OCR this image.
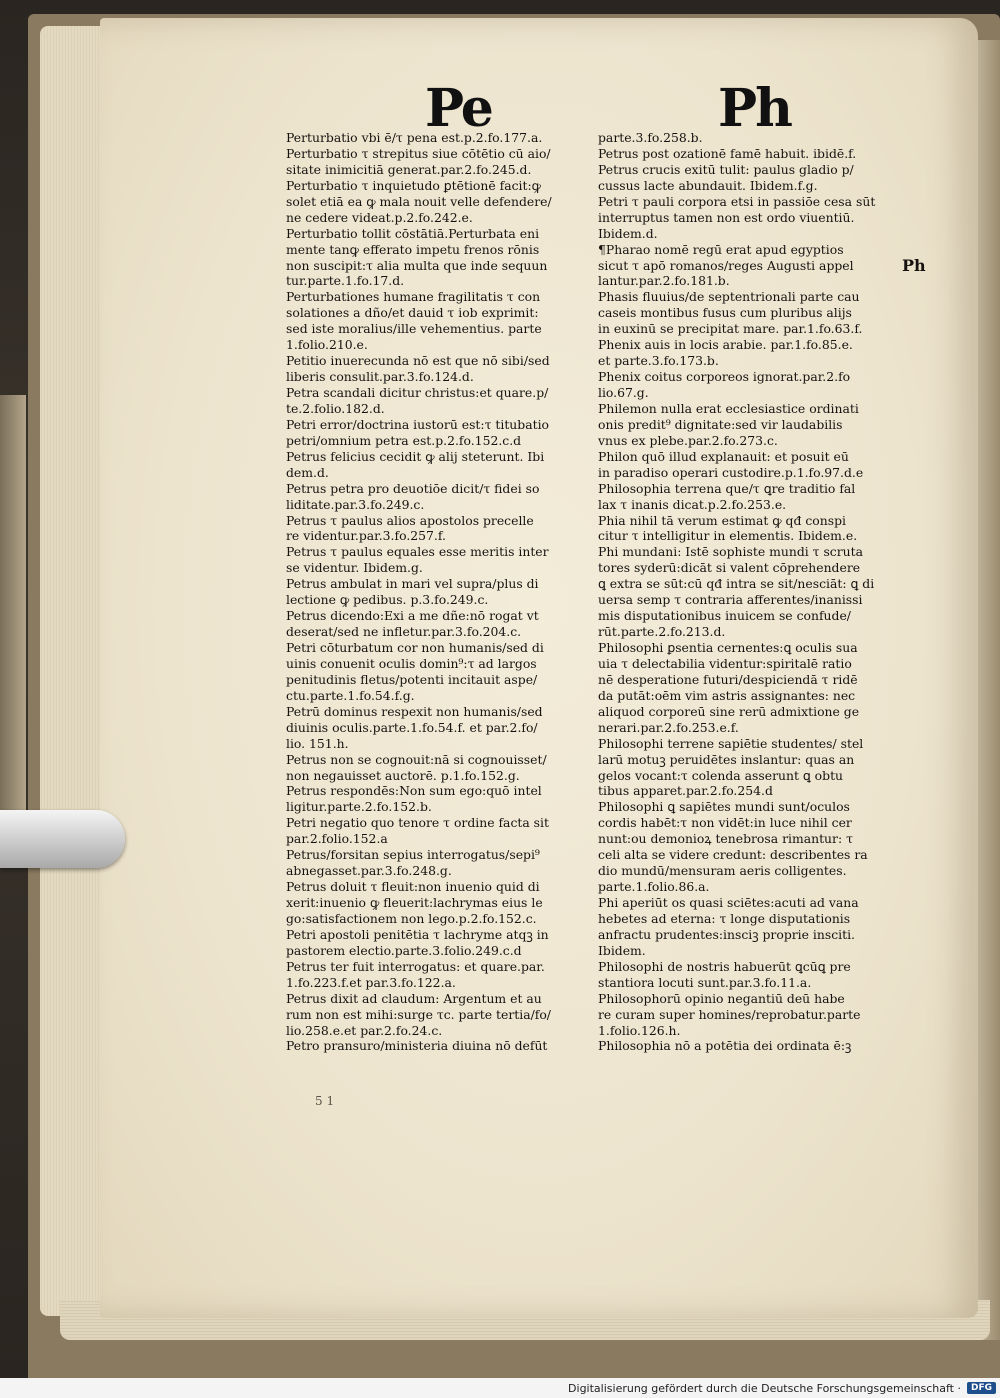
Pe	Ph
Perturbatio vbi ē/τ pena est.p.2.fo.177.a.
Perturbatio τ strepitus siue cōtētio cū aio/
sitate inimicitiā generat.par.2.fo.245.d.
Perturbatio τ inquietudo ꝑtētionē facit:ꝙ
solet etiā ea ꝙ mala nouit velle defendere/
ne cedere videat.p.2.fo.242.e.
Perturbatio tollit cōstātiā.Perturbata eni
mente tanꝙ efferato impetu frenos rōnis
non suscipit:τ alia multa que inde sequun
tur.parte.1.fo.17.d.
Perturbationes humane fragilitatis τ con
solationes a dño/et dauid τ iob exprimit:
sed iste moralius/ille vehementius. parte
1.folio.210.e.
Petitio inuerecunda nō est que nō sibi/sed
liberis consulit.par.3.fo.124.d.
Petra scandali dicitur christus:et quare.p/
te.2.folio.182.d.
Petri error/doctrina iustorū est:τ titubatio
petri/omnium petra est.p.2.fo.152.c.d
Petrus felicius cecidit ꝙ alij steterunt. Ibi
dem.d.
Petrus petra pro deuotiōe dicit/τ fidei so
liditate.par.3.fo.249.c.
Petrus τ paulus alios apostolos precelle
re videntur.par.3.fo.257.f.
Petrus τ paulus equales esse meritis inter
se videntur. Ibidem.g.
Petrus ambulat in mari vel supra/plus di
lectione ꝙ pedibus. p.3.fo.249.c.
Petrus dicendo:Exi a me dñe:nō rogat vt
deserat/sed ne infletur.par.3.fo.204.c.
Petri cōturbatum cor non humanis/sed di
uinis conuenit oculis domin⁹:τ ad largos
penitudinis fletus/potenti incitauit aspe/
ctu.parte.1.fo.54.f.g.
Petrū dominus respexit non humanis/sed
diuinis oculis.parte.1.fo.54.f. et par.2.fo/
lio. 151.h.
Petrus non se cognouit:nā si cognouisset/
non negauisset auctorē. p.1.fo.152.g.
Petrus respondēs:Non sum ego:quō intel
ligitur.parte.2.fo.152.b.
Petri negatio quo tenore τ ordine facta sit
par.2.folio.152.a
Petrus/forsitan sepius interrogatus/sepi⁹
abnegasset.par.3.fo.248.g.
Petrus doluit τ fleuit:non inuenio quid di
xerit:inuenio ꝙ fleuerit:lachrymas eius le
go:satisfactionem non lego.p.2.fo.152.c.
Petri apostoli penitētia τ lachryme atqꝫ in
pastorem electio.parte.3.folio.249.c.d
Petrus ter fuit interrogatus: et quare.par.
1.fo.223.f.et par.3.fo.122.a.
Petrus dixit ad claudum: Argentum et au
rum non est mihi:surge τc. parte tertia/fo/
lio.258.e.et par.2.fo.24.c.
Petro pransuro/ministeria diuina nō defūt
parte.3.fo.258.b.
Petrus post ozationē famē habuit. ibidē.f.
Petrus crucis exitū tulit: paulus gladio p/
cussus lacte abundauit. Ibidem.f.g.
Petri τ pauli corpora etsi in passiōe cesa sūt
interruptus tamen non est ordo viuentiū.
Ibidem.d.
¶Pharao nomē regū erat apud egyptios
sicut τ apō romanos/reges Augusti appel
lantur.par.2.fo.181.b.
Phasis fluuius/de septentrionali parte cau
caseis montibus fusus cum pluribus alijs
in euxinū se precipitat mare. par.1.fo.63.f.
Phenix auis in locis arabie. par.1.fo.85.e.
et parte.3.fo.173.b.
Phenix coitus corporeos ignorat.par.2.fo
lio.67.g.
Philemon nulla erat ecclesiastice ordinati
onis predit⁹ dignitate:sed vir laudabilis
vnus ex plebe.par.2.fo.273.c.
Philon quō illud explanauit: et posuit eū
in paradiso operari custodire.p.1.fo.97.d.e
Philosophia terrena que/τ ꝗre traditio fal
lax τ inanis dicat.p.2.fo.253.e.
Phia nihil tā verum estimat ꝙ qđ conspi
citur τ intelligitur in elementis. Ibidem.e.
Phi mundani: Istē sophiste mundi τ scruta
tores syderū:dicāt si valent cōprehendere
ꝗ extra se sūt:cū qđ intra se sit/nesciāt: ꝗ di
uersa semp τ contraria afferentes/inanissi
mis disputationibus inuicem se confude/
rūt.parte.2.fo.213.d.
Philosophi ꝑsentia cernentes:ꝗ oculis sua
uia τ delectabilia videntur:spiritalē ratio
nē desperatione futuri/despiciendā τ ridē
da putāt:oēm vim astris assignantes: nec
aliquod corporeū sine rerū admixtione ge
nerari.par.2.fo.253.e.f.
Philosophi terrene sapiētie studentes/ stel
larū motuꝫ peruidētes inslantur: quas an
gelos vocant:τ colenda asserunt ꝗ obtu
tibus apparet.par.2.fo.254.d
Philosophi ꝗ sapiētes mundi sunt/oculos
cordis habēt:τ non vidēt:in luce nihil cer
nunt:ou demonioꝝ tenebrosa rimantur: τ
celi alta se videre credunt: describentes ra
dio mundū/mensuram aeris colligentes.
parte.1.folio.86.a.
Phi aperiūt os quasi sciētes:acuti ad vana
hebetes ad eterna: τ longe disputationis
anfractu prudentes:insciꝫ proprie insciti.
Ibidem.
Philosophi de nostris habuerūt ꝗcūꝗ pre
stantiora locuti sunt.par.3.fo.11.a.
Philosophorū opinio negantiū deū habe
re curam super homines/reprobatur.parte
1.folio.126.h.
Philosophia nō a potētia dei ordinata ē:ꝫ
Ph
5 1
Digitalisierung gefördert durch die Deutsche Forschungsgemeinschaft ·	DFG
